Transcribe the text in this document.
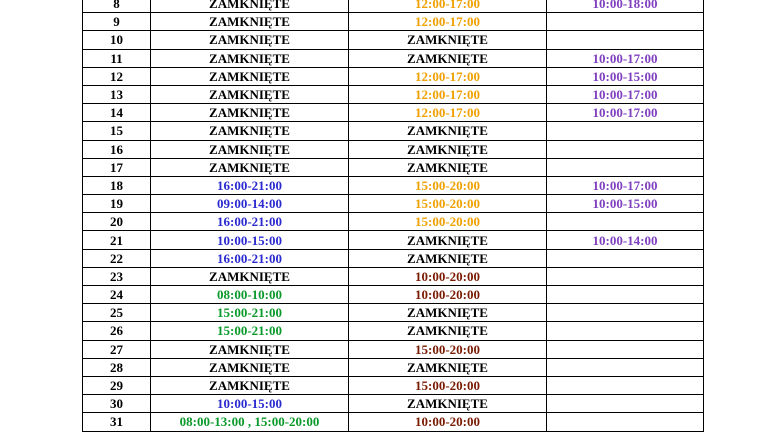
8	ZAMKNIĘTE	12:00-17:00	10:00-18:00
9	ZAMKNIĘTE	12:00-17:00	
10	ZAMKNIĘTE	ZAMKNIĘTE	
11	ZAMKNIĘTE	ZAMKNIĘTE	10:00-17:00
12	ZAMKNIĘTE	12:00-17:00	10:00-15:00
13	ZAMKNIĘTE	12:00-17:00	10:00-17:00
14	ZAMKNIĘTE	12:00-17:00	10:00-17:00
15	ZAMKNIĘTE	ZAMKNIĘTE	
16	ZAMKNIĘTE	ZAMKNIĘTE	
17	ZAMKNIĘTE	ZAMKNIĘTE	
18	16:00-21:00	15:00-20:00	10:00-17:00
19	09:00-14:00	15:00-20:00	10:00-15:00
20	16:00-21:00	15:00-20:00	
21	10:00-15:00	ZAMKNIĘTE	10:00-14:00
22	16:00-21:00	ZAMKNIĘTE	
23	ZAMKNIĘTE	10:00-20:00	
24	08:00-10:00	10:00-20:00	
25	15:00-21:00	ZAMKNIĘTE	
26	15:00-21:00	ZAMKNIĘTE	
27	ZAMKNIĘTE	15:00-20:00	
28	ZAMKNIĘTE	ZAMKNIĘTE	
29	ZAMKNIĘTE	15:00-20:00	
30	10:00-15:00	ZAMKNIĘTE	
31	08:00-13:00 , 15:00-20:00	10:00-20:00	
